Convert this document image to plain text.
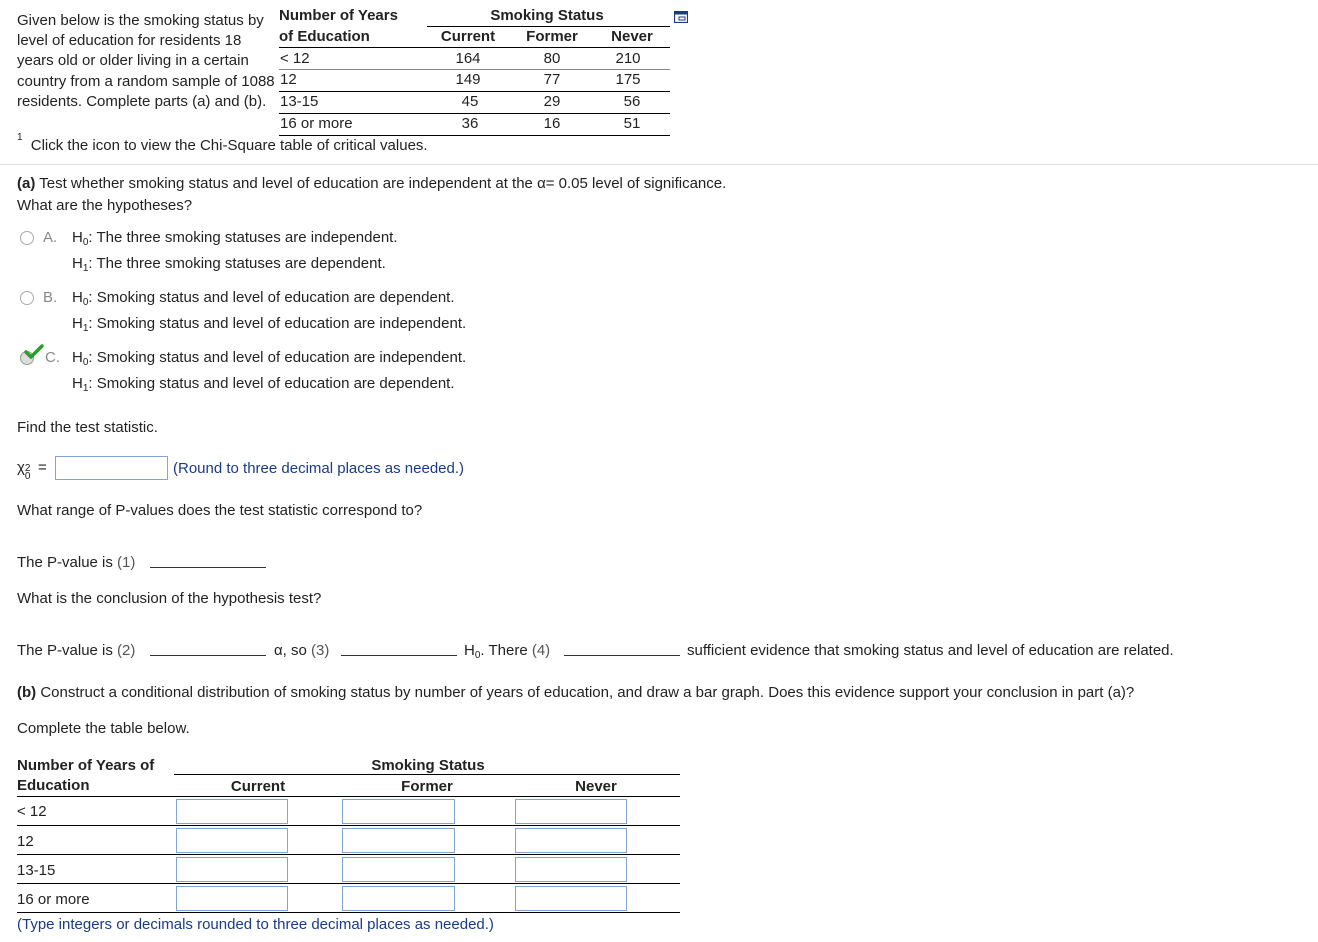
Given below is the smoking status by level of education for residents 18 years old or older living in a certain country from a random sample of 1088 residents. Complete parts (a) and (b).
$^1$ Click the icon to view the Chi-Square table of critical values.
Number of Years
of Education
Smoking Status
Current	Former	Never
< 12	164	80	210
12	149	77	175
13-15	45	29	56
16 or more	36	16	51
(a) Test whether smoking status and level of education are independent at the α= 0.05 level of significance.
What are the hypotheses?
A. $H_0$: The three smoking statuses are independent.
$H_1$: The three smoking statuses are dependent.
B. $H_0$: Smoking status and level of education are dependent.
$H_1$: Smoking status and level of education are independent.
C. $H_0$: Smoking status and level of education are independent.
$H_1$: Smoking status and level of education are dependent.
Find the test statistic.
χ 2
0
=	(Round to three decimal places as needed.)
What range of P-values does the test statistic correspond to?
The P-value is (1)
What is the conclusion of the hypothesis test?
The P-value is (2)	α, so (3)	$H_0$. There (4)	sufficient evidence that smoking status and level of education are related.
(b) Construct a conditional distribution of smoking status by number of years of education, and draw a bar graph. Does this evidence support your conclusion in part (a)?
Complete the table below.
Number of Years of
Education
Smoking Status
Current	Former	Never
< 12
12
13-15
16 or more
(Type integers or decimals rounded to three decimal places as needed.)
